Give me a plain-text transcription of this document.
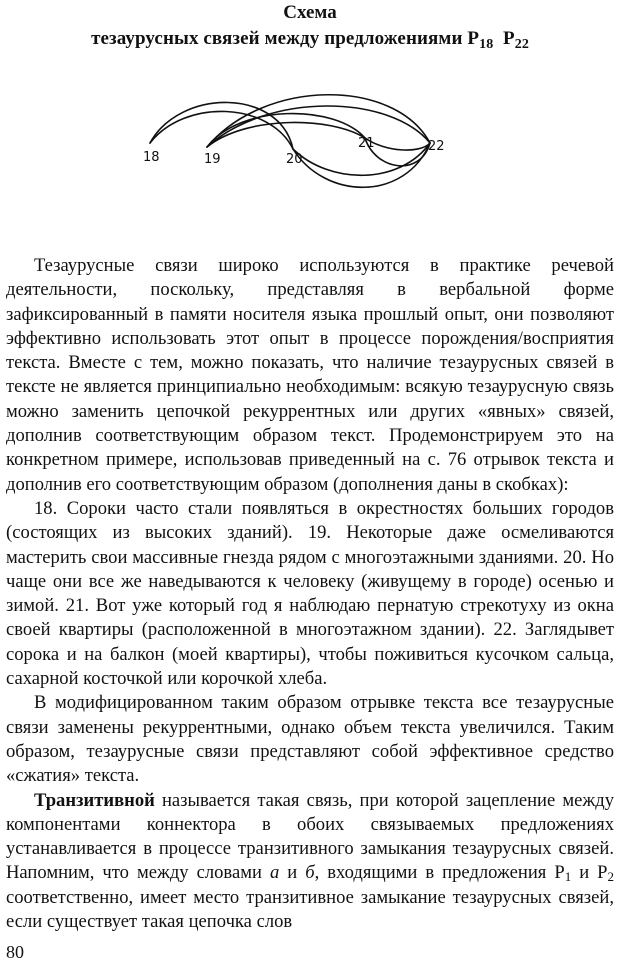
Схема
тезаурусных связей между предложениями $P_{18}$ $P_{22}$
18	19	20
21	22

Тезаурусные связи широко используются в практике речевой деятельности, поскольку, представляя в вербальной форме зафиксированный в памяти носителя языка прошлый опыт, они позволяют эффективно использовать этот опыт в процессе порождения/восприятия текста. Вместе с тем, можно показать, что наличие тезаурусных связей в тексте не является принципиально необходимым: всякую тезаурусную связь можно заменить цепочкой рекуррентных или других «явных» связей, дополнив соответствующим образом текст. Продемонстрируем это на конкретном примере, использовав приведенный на с. 76 отрывок текста и дополнив его соответствующим образом (дополнения даны в скобках):

18. Сороки часто стали появляться в окрестностях больших городов (состоящих из высоких зданий). 19. Некоторые даже осмеливаются мастерить свои массивные гнезда рядом с многоэтажными зданиями. 20. Но чаще они все же наведываются к человеку (живущему в городе) осенью и зимой. 21. Вот уже который год я наблюдаю пернатую стрекотуху из окна своей квартиры (расположенной в многоэтажном здании). 22. Заглядывет сорока и на балкон (моей квартиры), чтобы поживиться кусочком сальца, сахарной косточкой или корочкой хлеба.

В модифицированном таким образом отрывке текста все тезаурусные связи заменены рекуррентными, однако объем текста увеличился. Таким образом, тезаурусные связи представляют собой эффективное средство «сжатия» текста.

Транзитивной называется такая связь, при которой зацепление между компонентами коннектора в обоих связываемых предложениях устанавливается в процессе транзитивного замыкания тезаурусных связей. Напомним, что между словами а и б, входящими в предложения $P_1$ и $P_2$ соответственно, имеет место транзитивное замыкание тезаурусных связей, если существует такая цепочка слов

80
